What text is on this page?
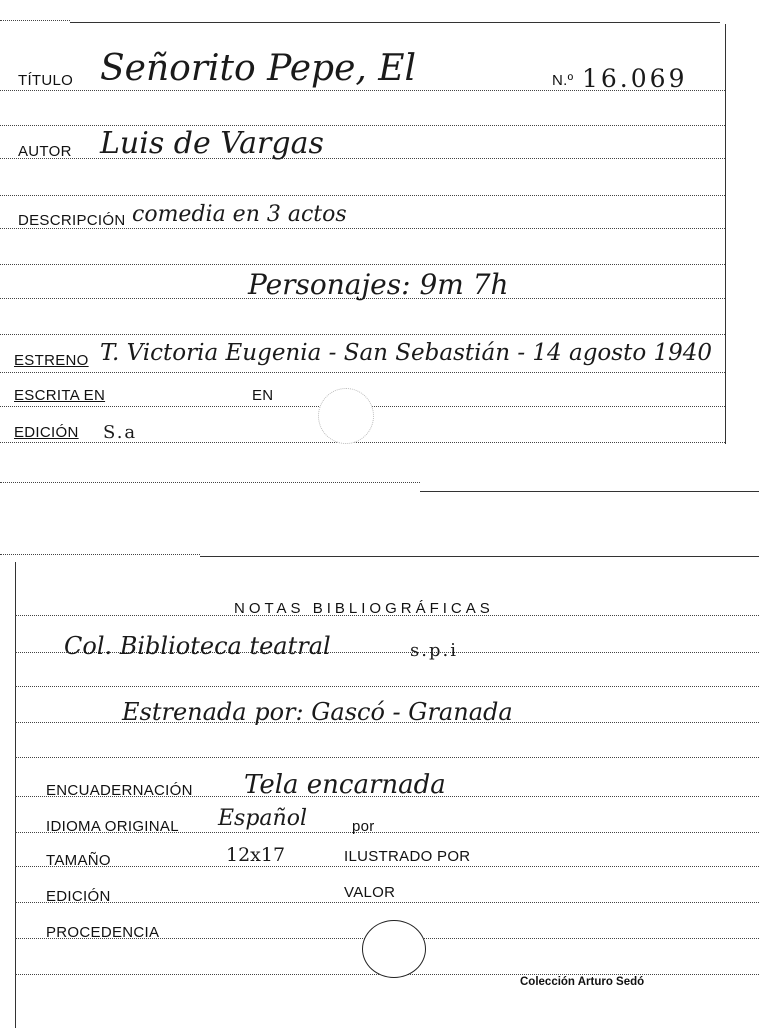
TÍTULO Señorito Pepe, El	N.º 16.069
AUTOR Luis de Vargas
DESCRIPCIÓN comedia en 3 actos
Personajes: 9m 7h
ESTRENO T. Victoria Eugenia - San Sebastián - 14 agosto 1940
ESCRITA EN	EN
EDICIÓN S.a
NOTAS BIBLIOGRÁFICAS
Col. Biblioteca teatral	s.p.i
Estrenada por: Gascó - Granada
ENCUADERNACIÓN Tela encarnada
IDIOMA ORIGINAL Español	por
TAMAÑO	12x17	ILUSTRADO POR
EDICIÓN	VALOR
PROCEDENCIA
Colección Arturo Sedó
